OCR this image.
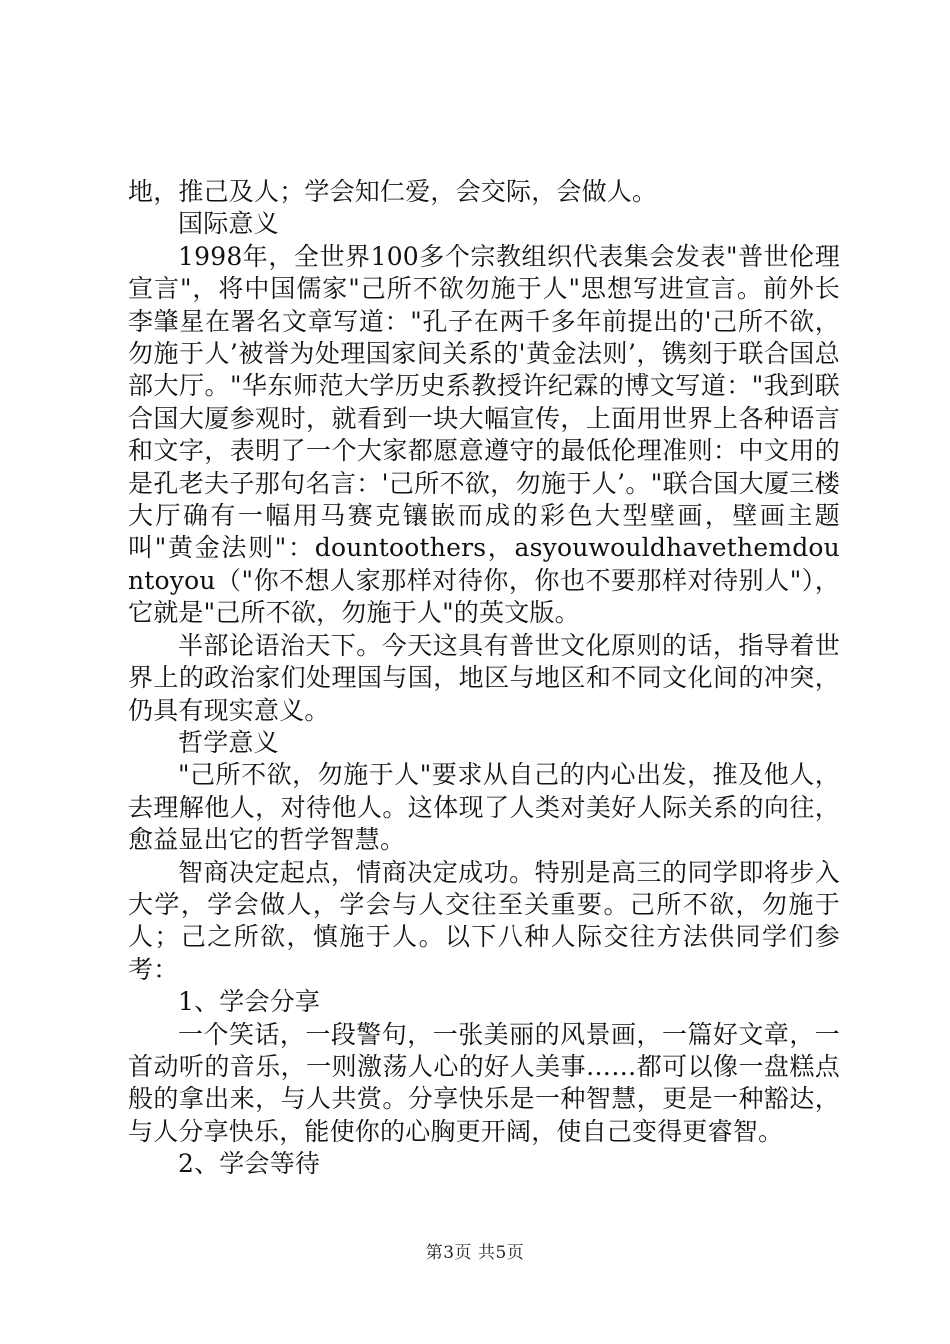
地，推己及人；学会知仁爱，会交际，会做人。

国际意义

1998年，全世界100多个宗教组织代表集会发表"普世伦理宣言"，将中国儒家"己所不欲勿施于人"思想写进宣言。前外长李肇星在署名文章写道："孔子在两千多年前提出的'己所不欲，勿施于人’被誉为处理国家间关系的'黄金法则’，镌刻于联合国总部大厅。"华东师范大学历史系教授许纪霖的博文写道："我到联合国大厦参观时，就看到一块大幅宣传，上面用世界上各种语言和文字，表明了一个大家都愿意遵守的最低伦理准则：中文用的是孔老夫子那句名言：'己所不欲，勿施于人’。"联合国大厦三楼大厅确有一幅用马赛克镶嵌而成的彩色大型壁画，壁画主题叫"黄金法则"：dountoothers，asyouwouldhavethemdountoyou（"你不想人家那样对待你，你也不要那样对待别人"），它就是"己所不欲，勿施于人"的英文版。

半部论语治天下。今天这具有普世文化原则的话，指导着世界上的政治家们处理国与国，地区与地区和不同文化间的冲突，仍具有现实意义。

哲学意义

"己所不欲，勿施于人"要求从自己的内心出发，推及他人，去理解他人，对待他人。这体现了人类对美好人际关系的向往，愈益显出它的哲学智慧。

智商决定起点，情商决定成功。特别是高三的同学即将步入大学，学会做人，学会与人交往至关重要。己所不欲，勿施于人；己之所欲，慎施于人。以下八种人际交往方法供同学们参考：

1、学会分享

一个笑话，一段警句，一张美丽的风景画，一篇好文章，一首动听的音乐，一则激荡人心的好人美事……都可以像一盘糕点般的拿出来，与人共赏。分享快乐是一种智慧，更是一种豁达，与人分享快乐，能使你的心胸更开阔，使自己变得更睿智。

2、学会等待

第3页 共5页
